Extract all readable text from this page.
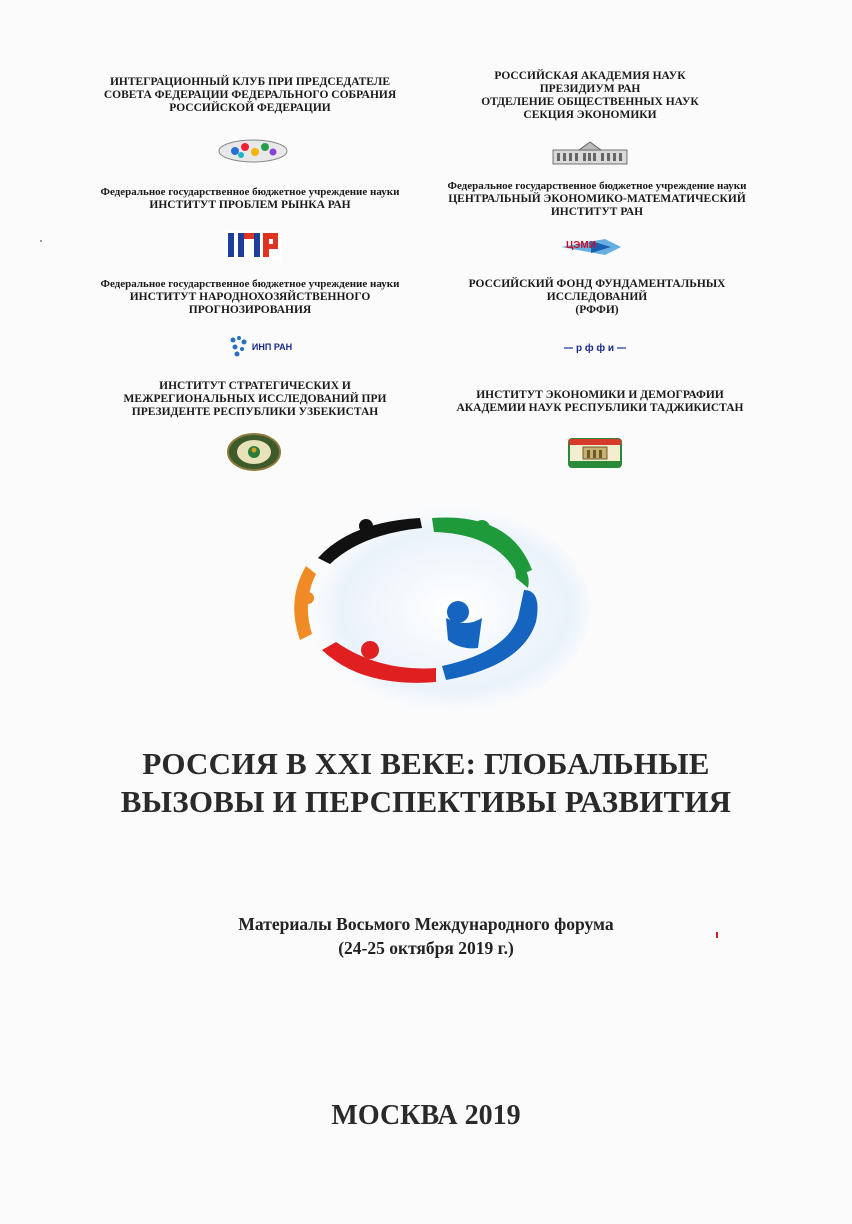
ИНТЕГРАЦИОННЫЙ КЛУБ ПРИ ПРЕДСЕДАТЕЛЕ
СОВЕТА ФЕДЕРАЦИИ ФЕДЕРАЛЬНОГО СОБРАНИЯ
РОССИЙСКОЙ ФЕДЕРАЦИИ
РОССИЙСКАЯ АКАДЕМИЯ НАУК
ПРЕЗИДИУМ РАН
ОТДЕЛЕНИЕ ОБЩЕСТВЕННЫХ НАУК
СЕКЦИЯ ЭКОНОМИКИ
Федеральное государственное бюджетное учреждение науки
ИНСТИТУТ ПРОБЛЕМ РЫНКА РАН
Федеральное государственное бюджетное учреждение науки
ЦЕНТРАЛЬНЫЙ ЭКОНОМИКО-МАТЕМАТИЧЕСКИЙ
ИНСТИТУТ РАН
ЦЭМИ
Федеральное государственное бюджетное учреждение науки
ИНСТИТУТ НАРОДНОХОЗЯЙСТВЕННОГО
ПРОГНОЗИРОВАНИЯ
ИНП РАН
РОССИЙСКИЙ ФОНД ФУНДАМЕНТАЛЬНЫХ
ИССЛЕДОВАНИЙ
(РФФИ)
р ф ф и
ИНСТИТУТ СТРАТЕГИЧЕСКИХ И
МЕЖРЕГИОНАЛЬНЫХ ИССЛЕДОВАНИЙ ПРИ
ПРЕЗИДЕНТЕ РЕСПУБЛИКИ УЗБЕКИСТАН
ИНСТИТУТ ЭКОНОМИКИ И ДЕМОГРАФИИ
АКАДЕМИИ НАУК РЕСПУБЛИКИ ТАДЖИКИСТАН
РОССИЯ В XXI ВЕКЕ: ГЛОБАЛЬНЫЕ
ВЫЗОВЫ И ПЕРСПЕКТИВЫ РАЗВИТИЯ
Материалы Восьмого Международного форума
(24-25 октября 2019 г.)
МОСКВА 2019
